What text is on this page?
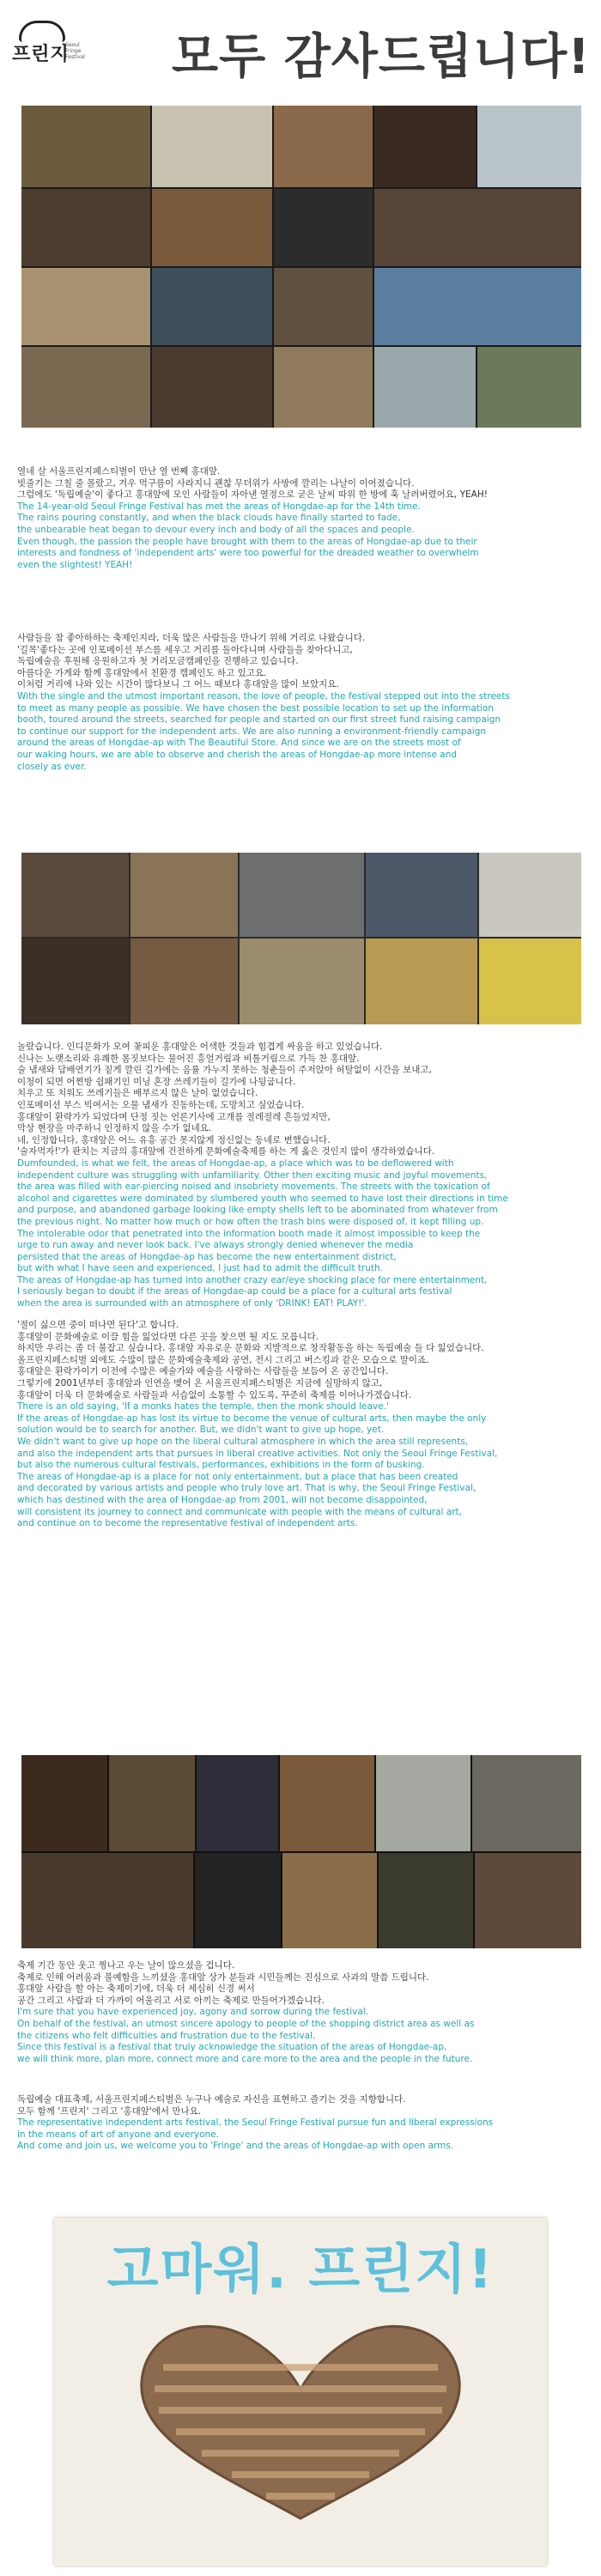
프린지
Seoul Fringe Festival 모두 감사드립니다!

열네 살 서울프린지페스티벌이 만난 열 번째 홍대앞.

빗줄기는 그칠 줄 몰랐고, 겨우 먹구름이 사라지니 괜찮 무더위가 사방에 깔리는 나날이 이어졌습니다.

그럼에도 '독립예술'이 좋다고 홍대앞에 모인 사람들이 자아낸 열정으로 굳은 날씨 따위 한 방에 훅 날려버렸어요, YEAH!

The 14-year-old Seoul Fringe Festival has met the areas of Hongdae-ap for the 14th time.

The rains pouring constantly, and when the black clouds have finally started to fade,

the unbearable heat began to devour every inch and body of all the spaces and people.

Even though, the passion the people have brought with them to the areas of Hongdae-ap due to their

interests and fondness of 'independent arts' were too powerful for the dreaded weather to overwhelm

even the slightest! YEAH!

사람들을 참 좋아하하는 축제인지라, 더욱 많은 사람들을 만나기 위해 거리로 나왔습니다.

'길목'좋다는 곳에 인포메이션 부스를 세우고 거리를 돌아다니며 사람들을 찾아다니고,

독립예술을 후원해 응원하고자 첫 거리모금캠페인을 진행하고 있습니다.

아름다운 가게와 함께 홍대앞에서 친환경 캠페인도 하고 있고요.

이처럼 거리에 나와 있는 시간이 많다보니 그 어느 때보다 홍대앞을 많이 보았지요.

With the single and the utmost important reason, the love of people, the festival stepped out into the streets

to meet as many people as possible. We have chosen the best possible location to set up the information

booth, toured around the streets, searched for people and started on our first street fund raising campaign

to continue our support for the independent arts. We are also running a environment-friendly campaign

around the areas of Hongdae-ap with The Beautiful Store. And since we are on the streets most of

our waking hours, we are able to observe and cherish the areas of Hongdae-ap more intense and

closely as ever.

놀랐습니다. 인디문화가 모여 꽃피운 홍대앞은 어색한 것들과 힘겹게 싸움을 하고 있었습니다.

신나는 노랫소리와 유쾌한 몸짓보다는 물어진 흥얼거림과 비틀거림으로 가득 찬 홍대앞.

술 냄새와 담배연기가 짙게 깔린 길가에는 음률 가누지 못하는 청춘들이 주저앉아 허탈없이 시간을 보내고,

이청이 되면 어쩐방 쉽패기인 미닝 혼장 쓰레기들이 길가에 나뒹굽니다.

치우고 또 치워도 쓰레기들은 배부르지 않은 날이 없었습니다.

인포메이션 부스 빅여서는 오물 냄새가 진동하는데, 도망치고 싶었습니다.

홍대앞이 환락가가 되었다며 단정 짓는 언론기사에 고개를 절레절레 흔들었지만,

막상 현장을 마주하니 인정하지 않을 수가 없네요.

네, 인정합니다, 홍대앞은 어느 유흥 공간 못지않게 정신없는 동네로 변했습니다.

'술자먹자!'가 판치는 지금의 홍대앞에 건전하게 문화예술축제를 하는 게 옳은 것인지 많이 생각하였습니다.

Dumfounded, is what we felt, the areas of Hongdae-ap, a place which was to be deflowered with

independent culture was struggling with unfamiliarity. Other then exciting music and joyful movements,

the area was filled with ear-piercing noised and insobriety movements. The streets with the toxication of

alcohol and cigarettes were dominated by slumbered youth who seemed to have lost their directions in time

and purpose, and abandoned garbage looking like empty shells left to be abominated from whatever from

the previous night. No matter how much or how often the trash bins were disposed of, it kept filling up.

The intolerable odor that penetrated into the information booth made it almost impossible to keep the

urge to run away and never look back. I've always strongly denied whenever the media

persisted that the areas of Hongdae-ap has become the new entertainment district,

but with what I have seen and experienced, I just had to admit the difficult truth.

The areas of Hongdae-ap has turned into another crazy ear/eye shocking place for mere entertainment,

I seriously began to doubt if the areas of Hongdae-ap could be a place for a cultural arts festival

when the area is surrounded with an atmosphere of only 'DRINK! EAT! PLAY!'.

'절이 싫으면 중이 떠나면 된다'고 합니다.

홍대앞이 문화예술로 이끌 힘을 잃었다면 다른 곳을 찾으면 될 지도 모릅니다.

하지만 우리는 좀 더 불잡고 싶습니다. 홍대앞 자유로운 문화와 지발적으로 창작활동을 하는 독립예술 들 다 잃었습니다.

올프린지페스티벌 외에도 수많이 많은 문화예술축제와 공연, 전시 그리고 버스킹과 같은 모습으로 말이죠.

홍대앞은 환락가이기 이전에 수많은 예술가와 예술을 사랑하는 사람들을 보듬어 온 공간입니다.

그렇기에 2001년부터 홍대앞과 인연을 맺어 온 서울프린지페스티벌은 지금에 실망하지 않고,

홍대앞이 더욱 더 문화예술로 사람들과 서슴없이 소통할 수 있도록, 꾸준히 축제를 이어나가겠습니다.

There is an old saying, 'If a monks hates the temple, then the monk should leave.'

If the areas of Hongdae-ap has lost its virtue to become the venue of cultural arts, then maybe the only

solution would be to search for another. But, we didn't want to give up hope, yet.

We didn't want to give up hope on the liberal cultural atmosphere in which the area still represents,

and also the independent arts that pursues in liberal creative activities. Not only the Seoul Fringe Festival,

but also the numerous cultural festivals, performances, exhibitions in the form of busking.

The areas of Hongdae-ap is a place for not only entertainment, but a place that has been created

and decorated by various artists and people who truly love art. That is why, the Seoul Fringe Festival,

which has destined with the area of Hongdae-ap from 2001, will not become disappointed,

will consistent its journey to connect and communicate with people with the means of cultural art,

and continue on to become the representative festival of independent arts.

축제 기간 동안 웃고 찡나고 우는 날이 많으셨을 겁니다.

축제로 인해 어려움과 불예함을 느끼셨을 홍대앞 상가 분들과 시민들께는 진심으로 사과의 말씀 드립니다.

홍대앞 사람을 할 아는 축제이기에, 더욱 더 세심히 신경 써서

공간 그리고 사람과 더 가까이 어울리고 서로 아끼는 축제로 만들어가겠습니다.

I'm sure that you have experienced joy, agony and sorrow during the festival.

On behalf of the festival, an utmost sincere apology to people of the shopping district area as well as

the citizens who felt difficulties and frustration due to the festival.

Since this festival is a festival that truly acknowledge the situation of the areas of Hongdae-ap,

we will think more, plan more, connect more and care more to the area and the people in the future.

독립예술 대표축제, 서울프린지페스티벌은 누구나 예술로 자신을 표현하고 즐기는 것을 지향합니다.

모두 함께 '프린지' 그리고 '홍대앞'에서 만나요.

The representative independent arts festival, the Seoul Fringe Festival pursue fun and liberal expressions

in the means of art of anyone and everyone.

And come and join us, we welcome you to 'Fringe' and the areas of Hongdae-ap with open arms.

고마워. 프린지!
